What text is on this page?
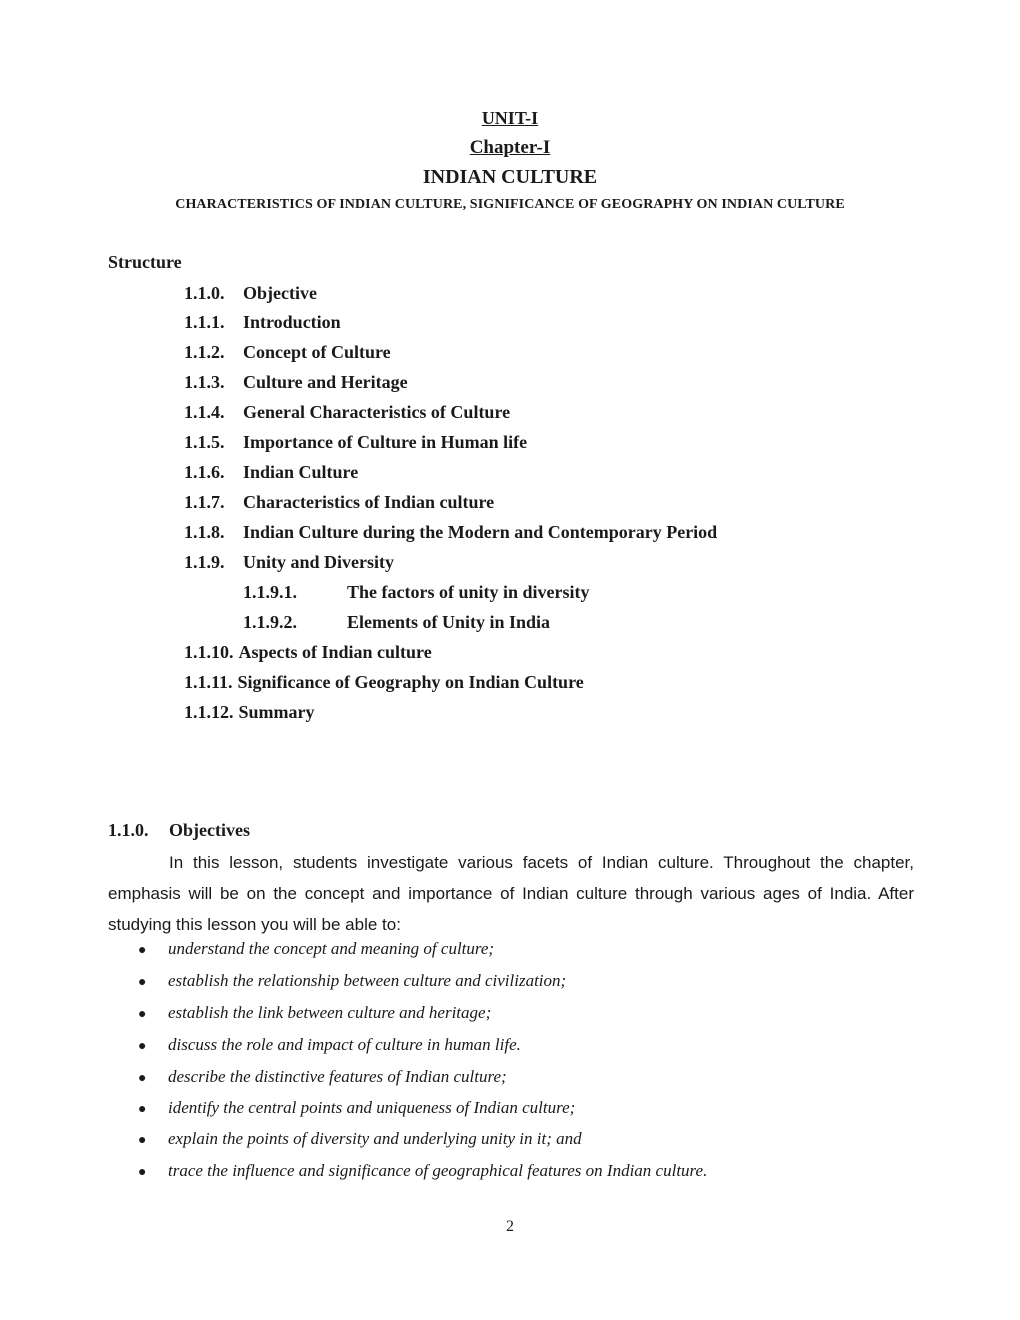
UNIT-I
Chapter-I
INDIAN CULTURE
CHARACTERISTICS OF INDIAN CULTURE, SIGNIFICANCE OF GEOGRAPHY ON INDIAN CULTURE
Structure
1.1.0. Objective
1.1.1. Introduction
1.1.2. Concept of Culture
1.1.3. Culture and Heritage
1.1.4. General Characteristics of Culture
1.1.5. Importance of Culture in Human life
1.1.6. Indian Culture
1.1.7. Characteristics of Indian culture
1.1.8. Indian Culture during the Modern and Contemporary Period
1.1.9. Unity and Diversity
1.1.9.1.	The factors of unity in diversity
1.1.9.2.	Elements of Unity in India
1.1.10. Aspects of Indian culture
1.1.11. Significance of Geography on Indian Culture
1.1.12. Summary
1.1.0. Objectives
In this lesson, students investigate various facets of Indian culture. Throughout the chapter, emphasis will be on the concept and importance of Indian culture through various ages of India. After studying this lesson you will be able to:
● understand the concept and meaning of culture;
● establish the relationship between culture and civilization;
● establish the link between culture and heritage;
● discuss the role and impact of culture in human life.
● describe the distinctive features of Indian culture;
● identify the central points and uniqueness of Indian culture;
● explain the points of diversity and underlying unity in it; and
● trace the influence and significance of geographical features on Indian culture.
2
